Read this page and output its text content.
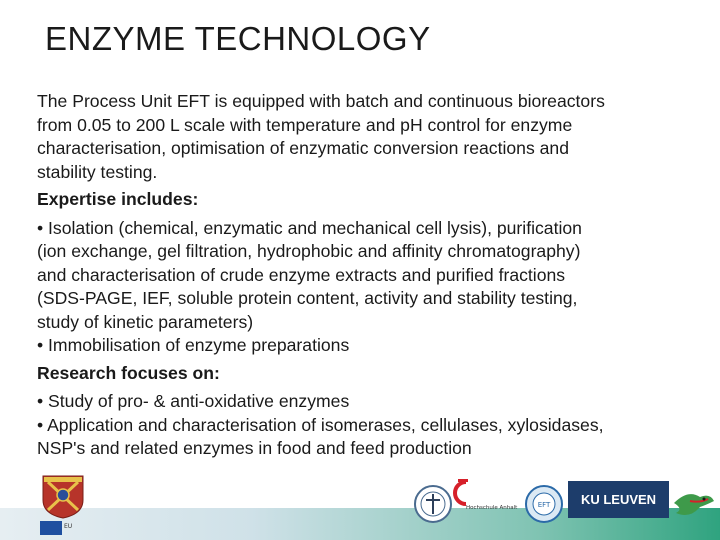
ENZYME TECHNOLOGY

The Process Unit EFT is equipped with batch and continuous bioreactors
from 0.05 to 200 L scale with temperature and pH control for enzyme
characterisation, optimisation of enzymatic conversion reactions and
stability testing.

Expertise includes:

• Isolation (chemical, enzymatic and mechanical cell lysis), purification
(ion exchange, gel filtration, hydrophobic and affinity chromatography)
and characterisation of crude enzyme extracts and purified fractions
(SDS-PAGE, IEF, soluble protein content, activity and stability testing,
study of kinetic parameters)
• Immobilisation of enzyme preparations

Research focuses on:

• Study of pro- & anti-oxidative enzymes
• Application and characterisation of isomerases, cellulases, xylosidases,
NSP's and related enzymes in food and feed production

EU
Hochschule Anhalt	EFT	KU LEUVEN
